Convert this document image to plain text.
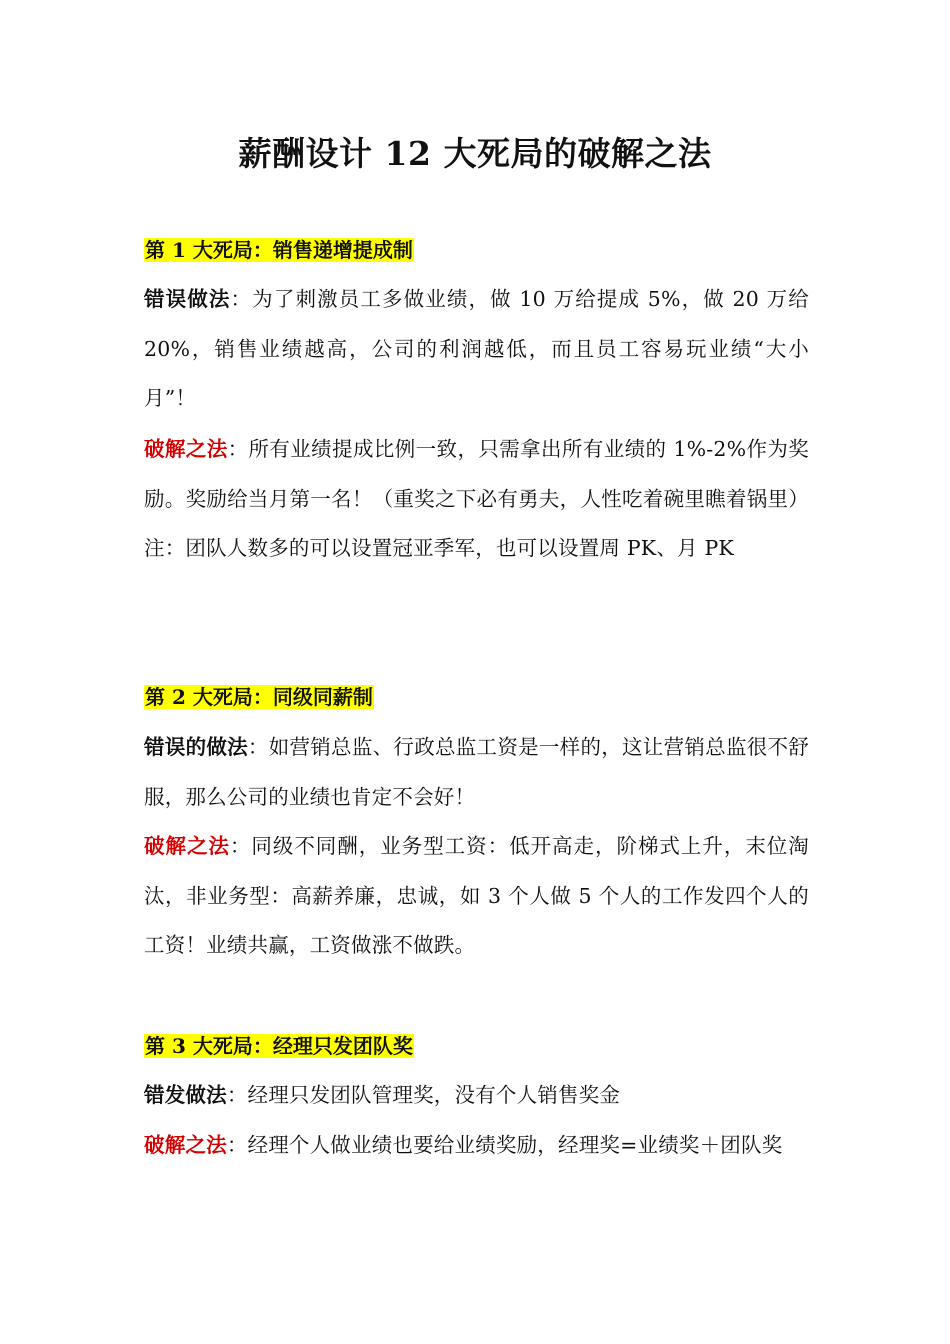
薪酬设计 12 大死局的破解之法
第 1 大死局：销售递增提成制
错误做法：为了刺激员工多做业绩，做 10 万给提成 5%，做 20 万给 20%，销售业绩越高，公司的利润越低，而且员工容易玩业绩“大小月”！
破解之法：所有业绩提成比例一致，只需拿出所有业绩的 1%-2%作为奖励。奖励给当月第一名！（重奖之下必有勇夫，人性吃着碗里瞧着锅里）注：团队人数多的可以设置冠亚季军，也可以设置周 PK、月 PK
第 2 大死局：同级同薪制
错误的做法：如营销总监、行政总监工资是一样的，这让营销总监很不舒服，那么公司的业绩也肯定不会好！
破解之法：同级不同酬，业务型工资：低开高走，阶梯式上升，末位淘汰，非业务型：高薪养廉，忠诚，如 3 个人做 5 个人的工作发四个人的工资！业绩共赢，工资做涨不做跌。
第 3 大死局：经理只发团队奖
错发做法：经理只发团队管理奖，没有个人销售奖金
破解之法：经理个人做业绩也要给业绩奖励，经理奖=业绩奖＋团队奖
